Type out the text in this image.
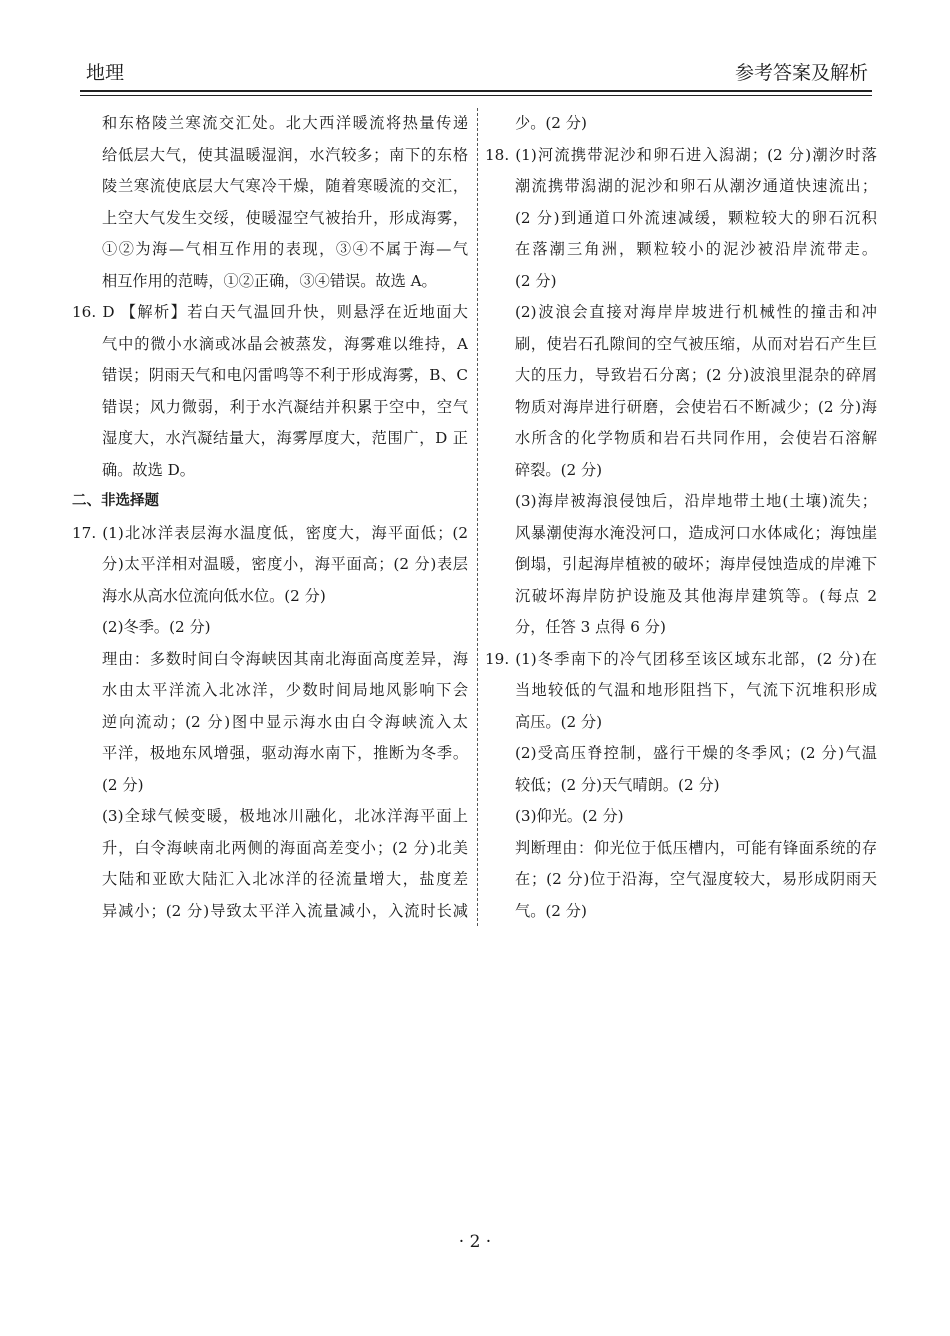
地理	参考答案及解析
和东格陵兰寒流交汇处。北大西洋暖流将热量传递
给低层大气，使其温暖湿润，水汽较多；南下的东格
陵兰寒流使底层大气寒冷干燥，随着寒暖流的交汇，
上空大气发生交绥，使暖湿空气被抬升，形成海雾，
①②为海—气相互作用的表现，③④不属于海—气
相互作用的范畴，①②正确，③④错误。故选 A。
16. D 【解析】若白天气温回升快，则悬浮在近地面大
气中的微小水滴或冰晶会被蒸发，海雾难以维持，A
错误；阴雨天气和电闪雷鸣等不利于形成海雾，B、C
错误；风力微弱，利于水汽凝结并积累于空中，空气
湿度大，水汽凝结量大，海雾厚度大，范围广，D 正
确。故选 D。
二、非选择题
17. (1)北冰洋表层海水温度低，密度大，海平面低；(2
分)太平洋相对温暖，密度小，海平面高；(2 分)表层
海水从高水位流向低水位。(2 分)
(2)冬季。(2 分)
理由：多数时间白令海峡因其南北海面高度差异，海
水由太平洋流入北冰洋，少数时间局地风影响下会
逆向流动；(2 分)图中显示海水由白令海峡流入太
平洋，极地东风增强，驱动海水南下，推断为冬季。
(2 分)
(3)全球气候变暖，极地冰川融化，北冰洋海平面上
升，白令海峡南北两侧的海面高差变小；(2 分)北美
大陆和亚欧大陆汇入北冰洋的径流量增大，盐度差
异减小；(2 分)导致太平洋入流量减小，入流时长减
少。(2 分)
18. (1)河流携带泥沙和卵石进入潟湖；(2 分)潮汐时落
潮流携带潟湖的泥沙和卵石从潮汐通道快速流出；
(2 分)到通道口外流速减缓，颗粒较大的卵石沉积
在落潮三角洲，颗粒较小的泥沙被沿岸流带走。
(2 分)
(2)波浪会直接对海岸岸坡进行机械性的撞击和冲
刷，使岩石孔隙间的空气被压缩，从而对岩石产生巨
大的压力，导致岩石分离；(2 分)波浪里混杂的碎屑
物质对海岸进行研磨，会使岩石不断减少；(2 分)海
水所含的化学物质和岩石共同作用，会使岩石溶解
碎裂。(2 分)
(3)海岸被海浪侵蚀后，沿岸地带土地(土壤)流失；
风暴潮使海水淹没河口，造成河口水体咸化；海蚀崖
倒塌，引起海岸植被的破坏；海岸侵蚀造成的岸滩下
沉破坏海岸防护设施及其他海岸建筑等。(每点 2
分，任答 3 点得 6 分)
19. (1)冬季南下的冷气团移至该区域东北部，(2 分)在
当地较低的气温和地形阻挡下，气流下沉堆积形成
高压。(2 分)
(2)受高压脊控制，盛行干燥的冬季风；(2 分)气温
较低；(2 分)天气晴朗。(2 分)
(3)仰光。(2 分)
判断理由：仰光位于低压槽内，可能有锋面系统的存
在；(2 分)位于沿海，空气湿度较大，易形成阴雨天
气。(2 分)
· 2 ·
